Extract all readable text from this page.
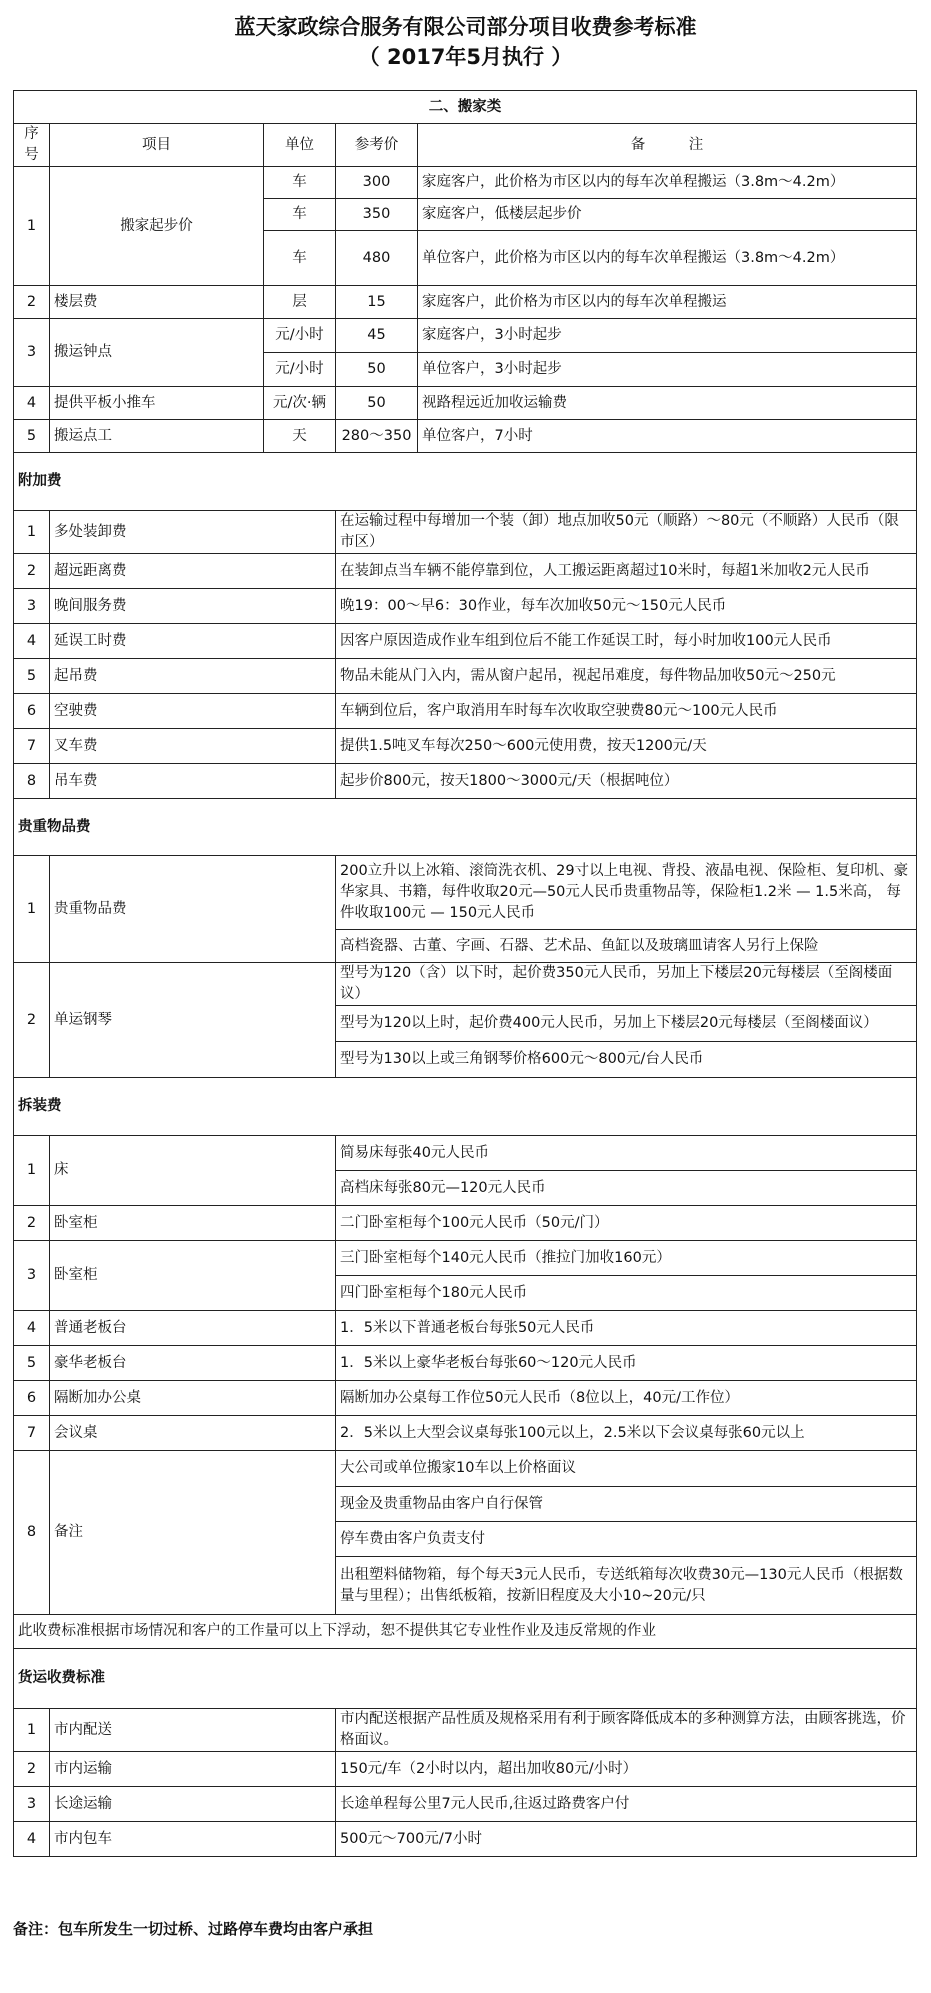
蓝天家政综合服务有限公司部分项目收费参考标准
（ 2017年5月执行 ）
二、搬家类				
序号	项目	单位	参考价	备　　　注
1	搬家起步价	车	300	家庭客户，此价格为市区以内的每车次单程搬运（3.8m～4.2m）
		车	350	家庭客户，低楼层起步价
		车	480	单位客户，此价格为市区以内的每车次单程搬运（3.8m～4.2m）
2	楼层费	层	15	家庭客户，此价格为市区以内的每车次单程搬运
3	搬运钟点	元/小时	45	家庭客户，3小时起步
		元/小时	50	单位客户，3小时起步
4	提供平板小推车	元/次·辆	50	视路程远近加收运输费
5	搬运点工	天	280～350	单位客户，7小时
附加费				
1	多处装卸费		在运输过程中每增加一个装（卸）地点加收50元（顺路）～80元（不顺路）人民币（限市区）	
2	超远距离费		在装卸点当车辆不能停靠到位，人工搬运距离超过10米时，每超1米加收2元人民币	
3	晚间服务费		晚19：00～早6：30作业，每车次加收50元～150元人民币	
4	延误工时费		因客户原因造成作业车组到位后不能工作延误工时，每小时加收100元人民币	
5	起吊费		物品未能从门入内，需从窗户起吊，视起吊难度，每件物品加收50元～250元	
6	空驶费		车辆到位后，客户取消用车时每车次收取空驶费80元～100元人民币	
7	叉车费		提供1.5吨叉车每次250～600元使用费，按天1200元/天	
8	吊车费		起步价800元，按天1800～3000元/天（根据吨位）	
贵重物品费				
1	贵重物品费		200立升以上冰箱、滚筒洗衣机、29寸以上电视、背投、液晶电视、保险柜、复印机、豪华家具、书籍，每件收取20元—50元人民币贵重物品等，保险柜1.2米 — 1.5米高， 每件收取100元 — 150元人民币	
			高档瓷器、古董、字画、石器、艺术品、鱼缸以及玻璃皿请客人另行上保险	
2	单运钢琴		型号为120（含）以下时，起价费350元人民币，另加上下楼层20元每楼层（至阁楼面议）	
			型号为120以上时，起价费400元人民币，另加上下楼层20元每楼层（至阁楼面议）	
			型号为130以上或三角钢琴价格600元～800元/台人民币	
拆装费				
1	床		简易床每张40元人民币	
			高档床每张80元—120元人民币	
2	卧室柜		二门卧室柜每个100元人民币（50元/门）	
3	卧室柜		三门卧室柜每个140元人民币（推拉门加收160元）	
			四门卧室柜每个180元人民币	
4	普通老板台		1．5米以下普通老板台每张50元人民币	
5	豪华老板台		1．5米以上豪华老板台每张60～120元人民币	
6	隔断加办公桌		隔断加办公桌每工作位50元人民币（8位以上，40元/工作位）	
7	会议桌		2．5米以上大型会议桌每张100元以上，2.5米以下会议桌每张60元以上	
8	备注		大公司或单位搬家10车以上价格面议	
			现金及贵重物品由客户自行保管	
			停车费由客户负责支付	
			出租塑料储物箱，每个每天3元人民币，专送纸箱每次收费30元—130元人民币（根据数量与里程）；出售纸板箱，按新旧程度及大小10~20元/只	
此收费标准根据市场情况和客户的工作量可以上下浮动，恕不提供其它专业性作业及违反常规的作业				
货运收费标准				
1	市内配送		市内配送根据产品性质及规格采用有利于顾客降低成本的多种测算方法，由顾客挑选，价格面议。	
2	市内运输		150元/车（2小时以内，超出加收80元/小时）	
3	长途运输		长途单程每公里7元人民币,往返过路费客户付	
4	市内包车		500元～700元/7小时	
备注：包车所发生一切过桥、过路停车费均由客户承担
